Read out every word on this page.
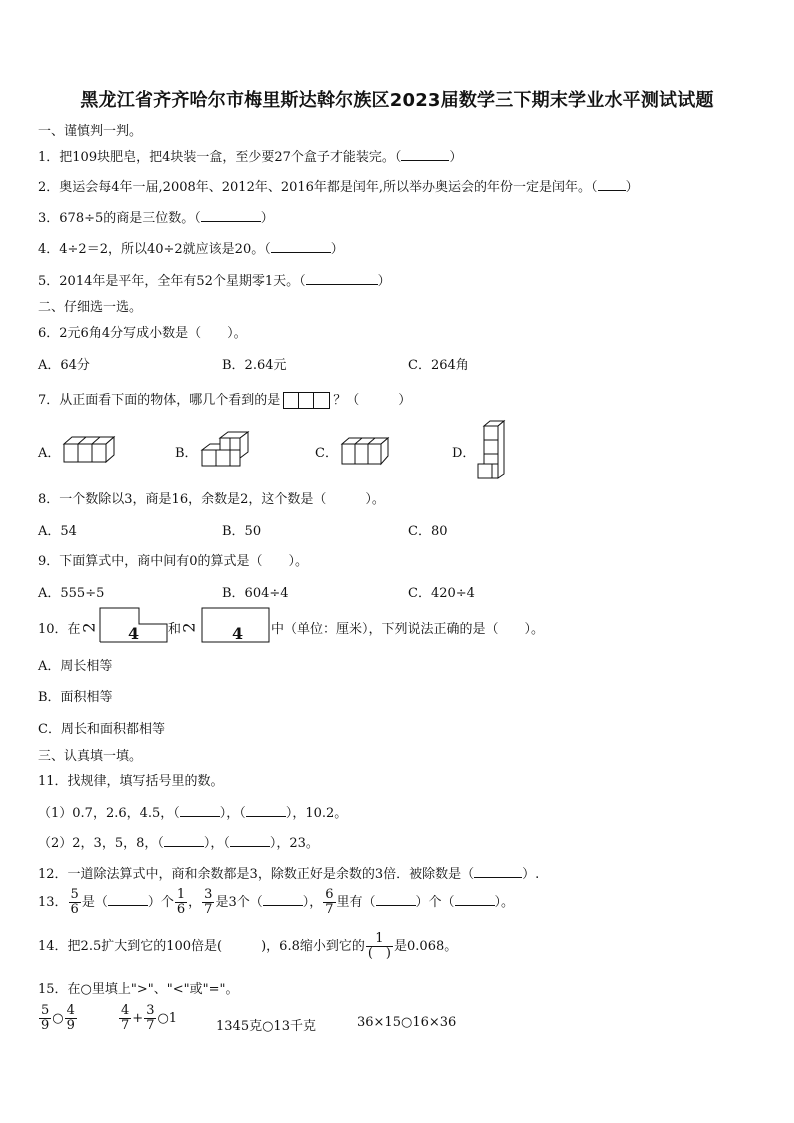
黑龙江省齐齐哈尔市梅里斯达斡尔族区2023届数学三下期末学业水平测试试题
一、谨慎判一判。
1．把109块肥皂，把4块装一盒，至少要27个盒子才能装完。（	）
2．奥运会每4年一届,2008年、2012年、2016年都是闰年,所以举办奥运会的年份一定是闰年。（ ）
3．678÷5的商是三位数。（	）
4．4÷2＝2，所以40÷2就应该是20。（	）
5．2014年是平年，全年有52个星期零1天。（	）
二、仔细选一选。
6．2元6角4分写成小数是（　　）。
A．64分	B．2.64元	C．264角
7．从正面看下面的物体，哪几个看到的是	？（　　　）
A．	B．	C．	D．
8．一个数除以3，商是16，余数是2，这个数是（　　　）。
A．54	B．50	C．80
9．下面算式中，商中间有0的算式是（　　）。
A．555÷5	B．604÷4	C．420÷4
10．在 2 4 和
2 4 中（单位：厘米），下列说法正确的是（　　）。
A．周长相等
B．面积相等
C．周长和面积都相等
三、认真填一填。
11．找规律，填写括号里的数。
（1）0.7，2.6，4.5，（	），（	），10.2。
（2）2，3，5，8，（	），（	），23。
12．一道除法算式中，商和余数都是3，除数正好是余数的3倍．被除数是（	）.
13． $\frac{5}{6}$ 是（	）个 $\frac{1}{6}$ ， $\frac{3}{7}$ 是3个（	）， $\frac{6}{7}$ 里有（	）个（	）。
14．把2.5扩大到它的100倍是(　　　)，6.8缩小到它的 $\frac{1}{( )}$ 是0.068。
15．在○里填上">"、"<"或"="。
$\frac{5}{9}$ ○ $\frac{4}{9}$	$\frac{4}{7} + \frac{3}{7}$ ○1
1345克○13千克	36×15○16×36
